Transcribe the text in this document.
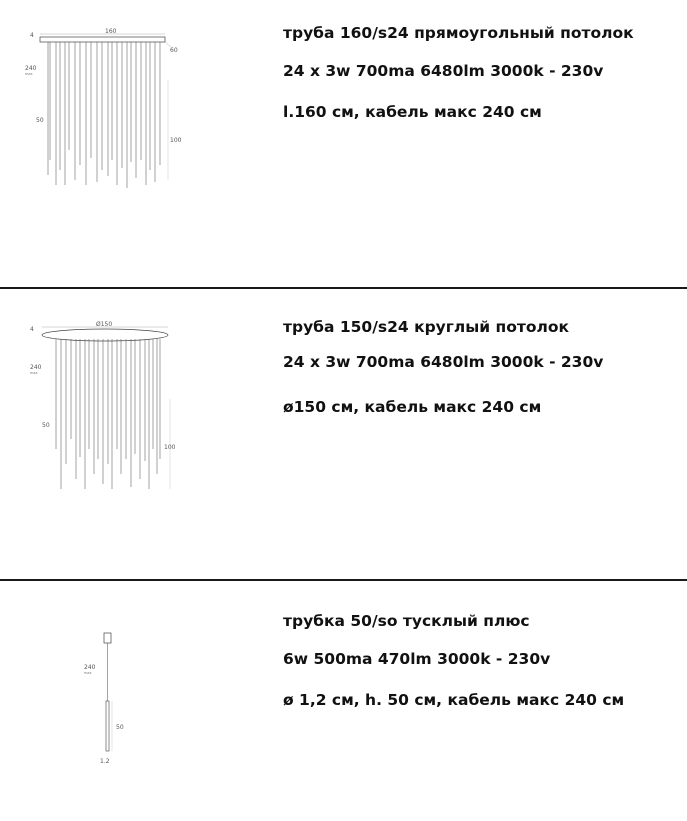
160
4
60
240
max
50
100
труба 160/s24 прямоугольный потолок
24 x 3w 700ma 6480lm 3000k - 230v
l.160 см, кабель макс 240 см
Ø150
4
240
max
50
100
труба 150/s24 круглый потолок
24 x 3w 700ma 6480lm 3000k - 230v
ø150 см, кабель макс 240 см
240
max
50
1.2
трубка 50/so тусклый плюс
6w 500ma 470lm 3000k - 230v
ø 1,2 см, h. 50 см, кабель макс 240 см
